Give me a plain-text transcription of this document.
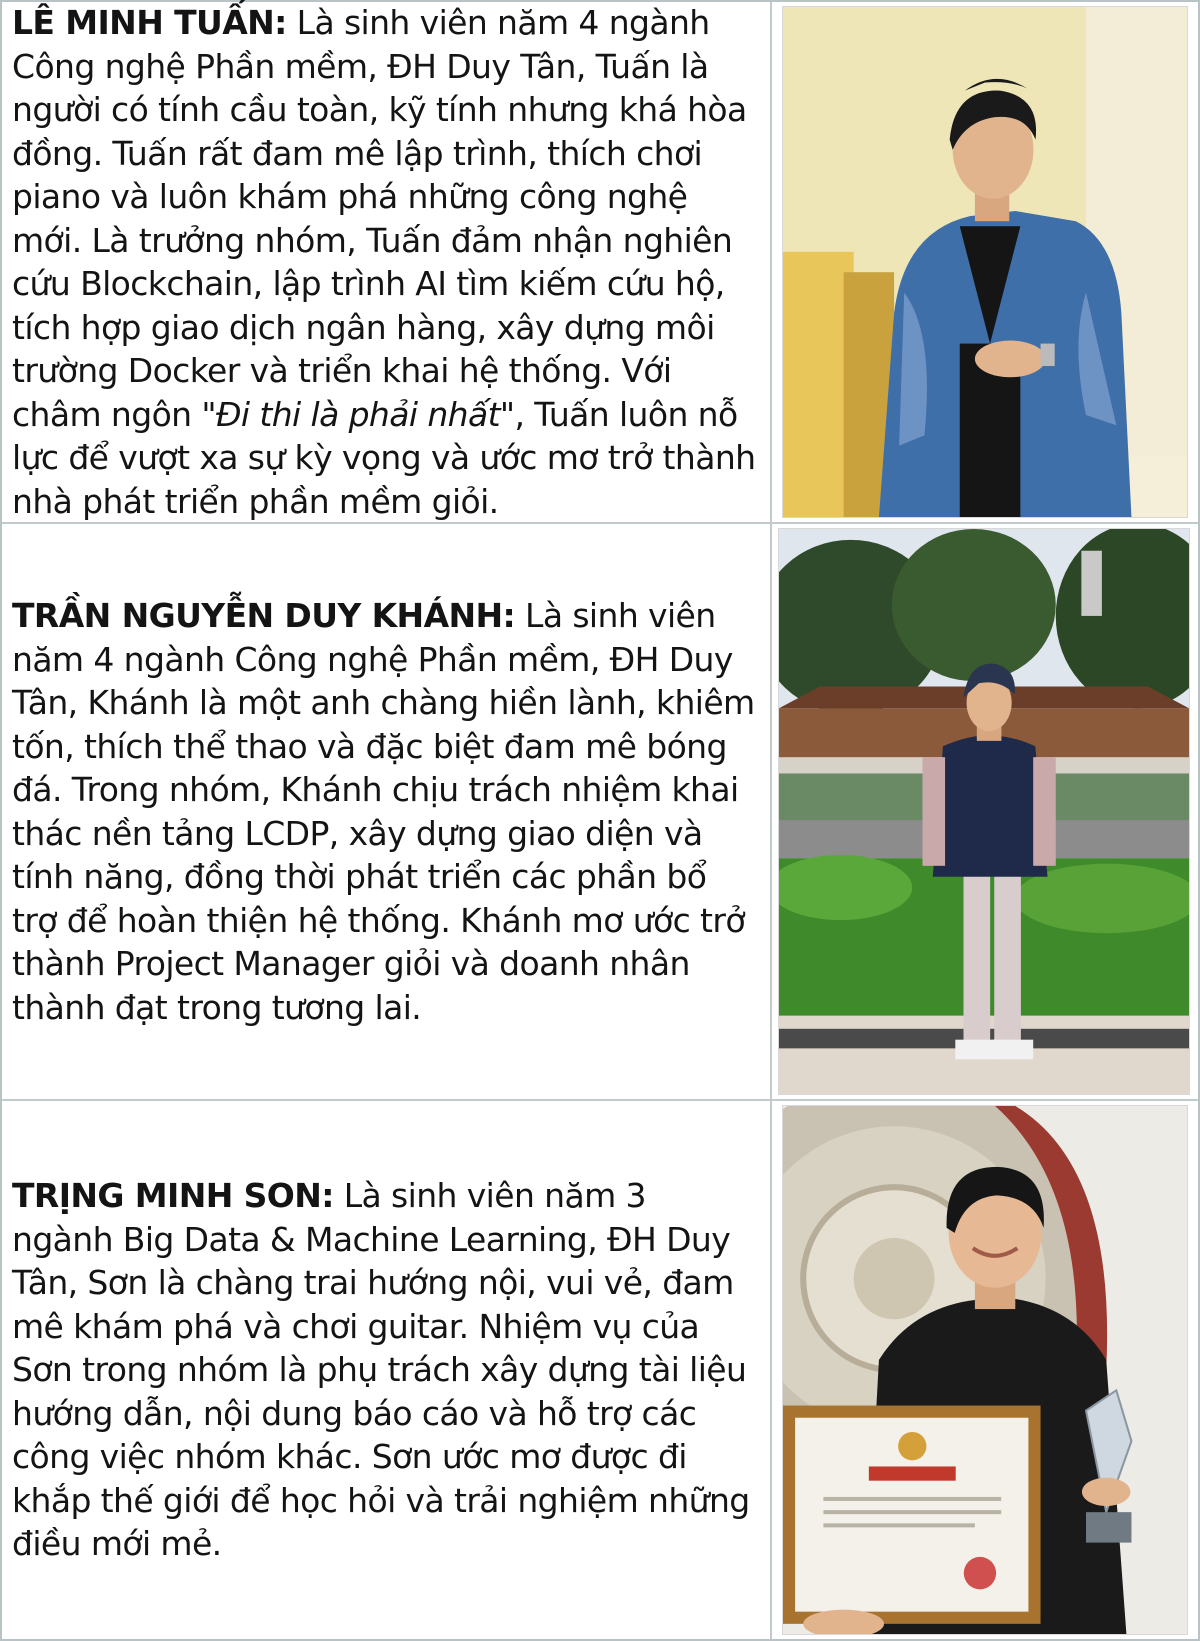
LÊ MINH TUẤN: Là sinh viên năm 4 ngành Công nghệ Phần mềm, ĐH Duy Tân, Tuấn là người có tính cầu toàn, kỹ tính nhưng khá hòa đồng. Tuấn rất đam mê lập trình, thích chơi piano và luôn khám phá những công nghệ mới. Là trưởng nhóm, Tuấn đảm nhận nghiên cứu Blockchain, lập trình AI tìm kiếm cứu hộ, tích hợp giao dịch ngân hàng, xây dựng môi trường Docker và triển khai hệ thống. Với châm ngôn "Đi thi là phải nhất", Tuấn luôn nỗ lực để vượt xa sự kỳ vọng và ước mơ trở thành nhà phát triển phần mềm giỏi.

TRẦN NGUYỄN DUY KHÁNH: Là sinh viên năm 4 ngành Công nghệ Phần mềm, ĐH Duy Tân, Khánh là một anh chàng hiền lành, khiêm tốn, thích thể thao và đặc biệt đam mê bóng đá. Trong nhóm, Khánh chịu trách nhiệm khai thác nền tảng LCDP, xây dựng giao diện và tính năng, đồng thời phát triển các phần bổ trợ để hoàn thiện hệ thống. Khánh mơ ước trở thành Project Manager giỏi và doanh nhân thành đạt trong tương lai.

TRỊNG MINH SON: Là sinh viên năm 3 ngành Big Data & Machine Learning, ĐH Duy Tân, Sơn là chàng trai hướng nội, vui vẻ, đam mê khám phá và chơi guitar. Nhiệm vụ của Sơn trong nhóm là phụ trách xây dựng tài liệu hướng dẫn, nội dung báo cáo và hỗ trợ các công việc nhóm khác. Sơn ước mơ được đi khắp thế giới để học hỏi và trải nghiệm những điều mới mẻ.
